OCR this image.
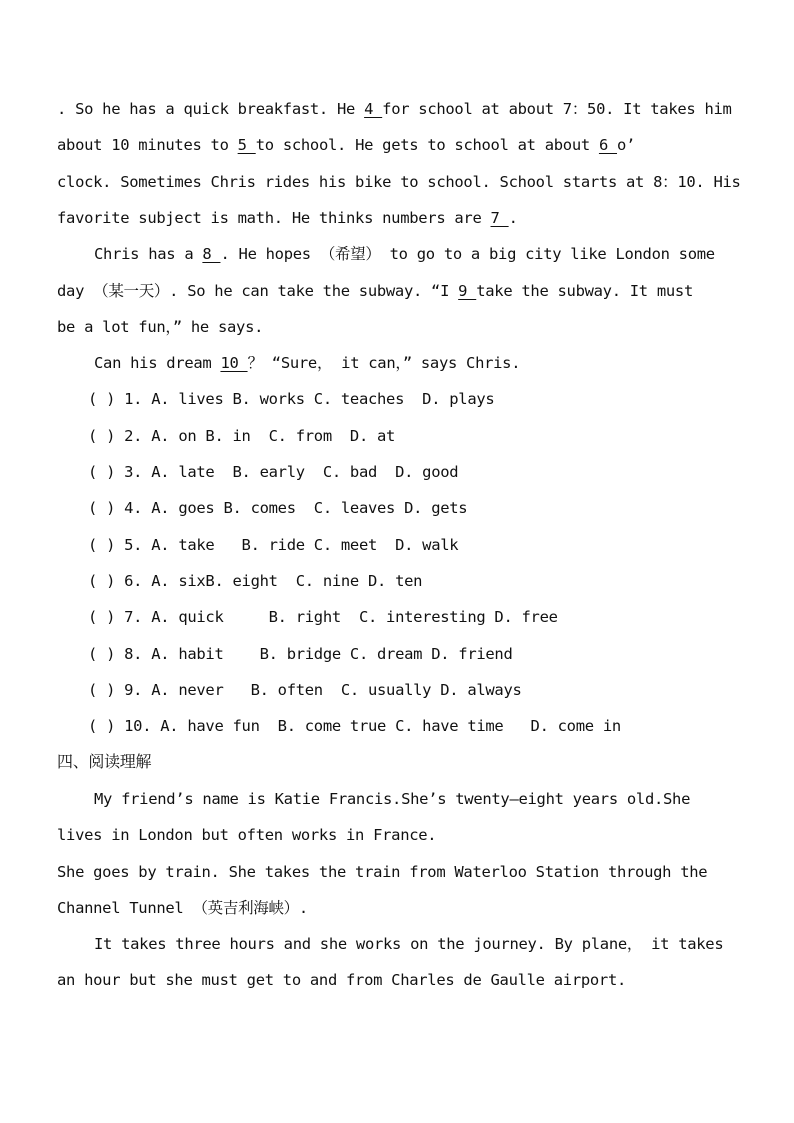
. So he has a quick breakfast. He 4 for school at about 7：50. It takes him
about 10 minutes to 5 to school. He gets to school at about 6 o’
clock. Sometimes Chris rides his bike to school. School starts at 8：10. His
favorite subject is math. He thinks numbers are 7 .
Chris has a 8 . He hopes （希望） to go to a big city like London some
day （某一天）. So he can take the subway. “I 9 take the subway. It must
be a lot fun，” he says.
Can his dream 10 ？ “Sure， it can，” says Chris.
( ) 1. A. lives B. works C. teaches  D. plays
( ) 2. A. on B. in  C. from  D. at
( ) 3. A. late  B. early  C. bad  D. good
( ) 4. A. goes B. comes  C. leaves D. gets
( ) 5. A. take   B. ride C. meet  D. walk
( ) 6. A. sixB. eight  C. nine D. ten
( ) 7. A. quick     B. right  C. interesting D. free
( ) 8. A. habit    B. bridge C. dream D. friend
( ) 9. A. never   B. often  C. usually D. always
( ) 10. A. have fun  B. come true C. have time   D. come in
四、阅读理解
My friend’s name is Katie Francis.She’s twenty—eight years old.She
lives in London but often works in France.
She goes by train. She takes the train from Waterloo Station through the
Channel Tunnel （英吉利海峡）.
It takes three hours and she works on the journey. By plane， it takes
an hour but she must get to and from Charles de Gaulle airport.
